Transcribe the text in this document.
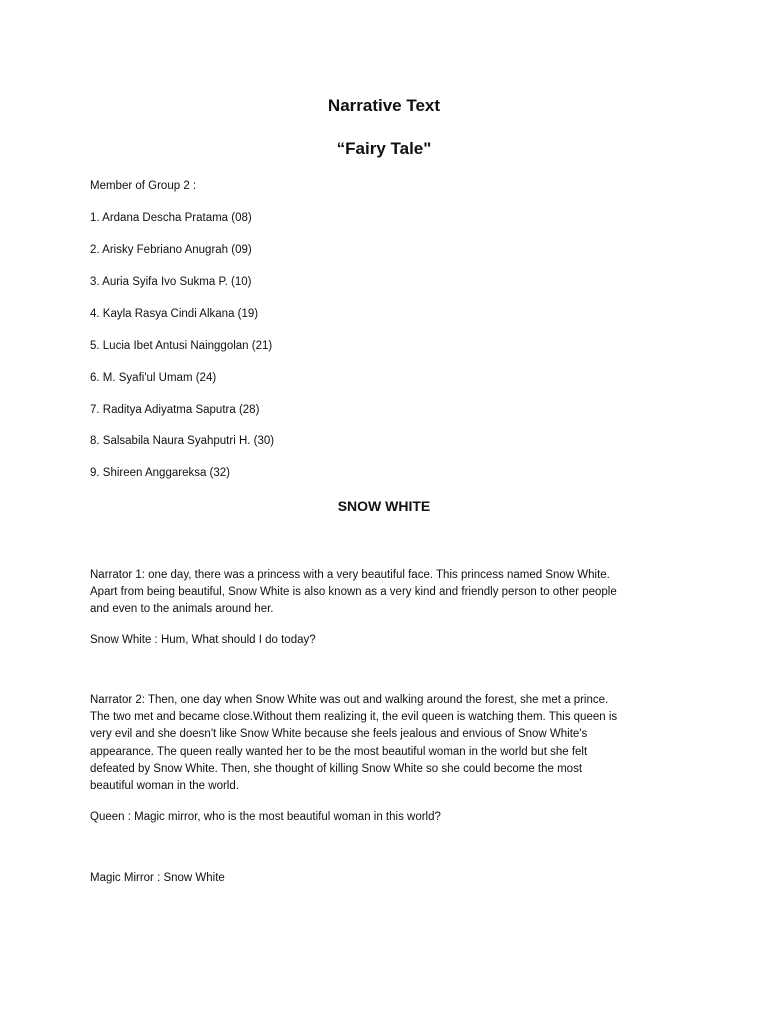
Narrative Text
“Fairy Tale"
Member of Group 2 :
1. Ardana Descha Pratama (08)
2. Arisky Febriano Anugrah (09)
3. Auria Syifa Ivo Sukma P. (10)
4. Kayla Rasya Cindi Alkana (19)
5. Lucia Ibet Antusi Nainggolan (21)
6. M. Syafi'ul Umam (24)
7. Raditya Adiyatma Saputra (28)
8. Salsabila Naura Syahputri H. (30)
9. Shireen Anggareksa (32)
SNOW WHITE
Narrator 1: one day, there was a princess with a very beautiful face. This princess named Snow White.
Apart from being beautiful, Snow White is also known as a very kind and friendly person to other people
and even to the animals around her.
Snow White : Hum, What should I do today?
Narrator 2: Then, one day when Snow White was out and walking around the forest, she met a prince.
The two met and became close.Without them realizing it, the evil queen is watching them. This queen is
very evil and she doesn't like Snow White because she feels jealous and envious of Snow White's
appearance. The queen really wanted her to be the most beautiful woman in the world but she felt
defeated by Snow White. Then, she thought of killing Snow White so she could become the most
beautiful woman in the world.
Queen : Magic mirror, who is the most beautiful woman in this world?
Magic Mirror : Snow White
